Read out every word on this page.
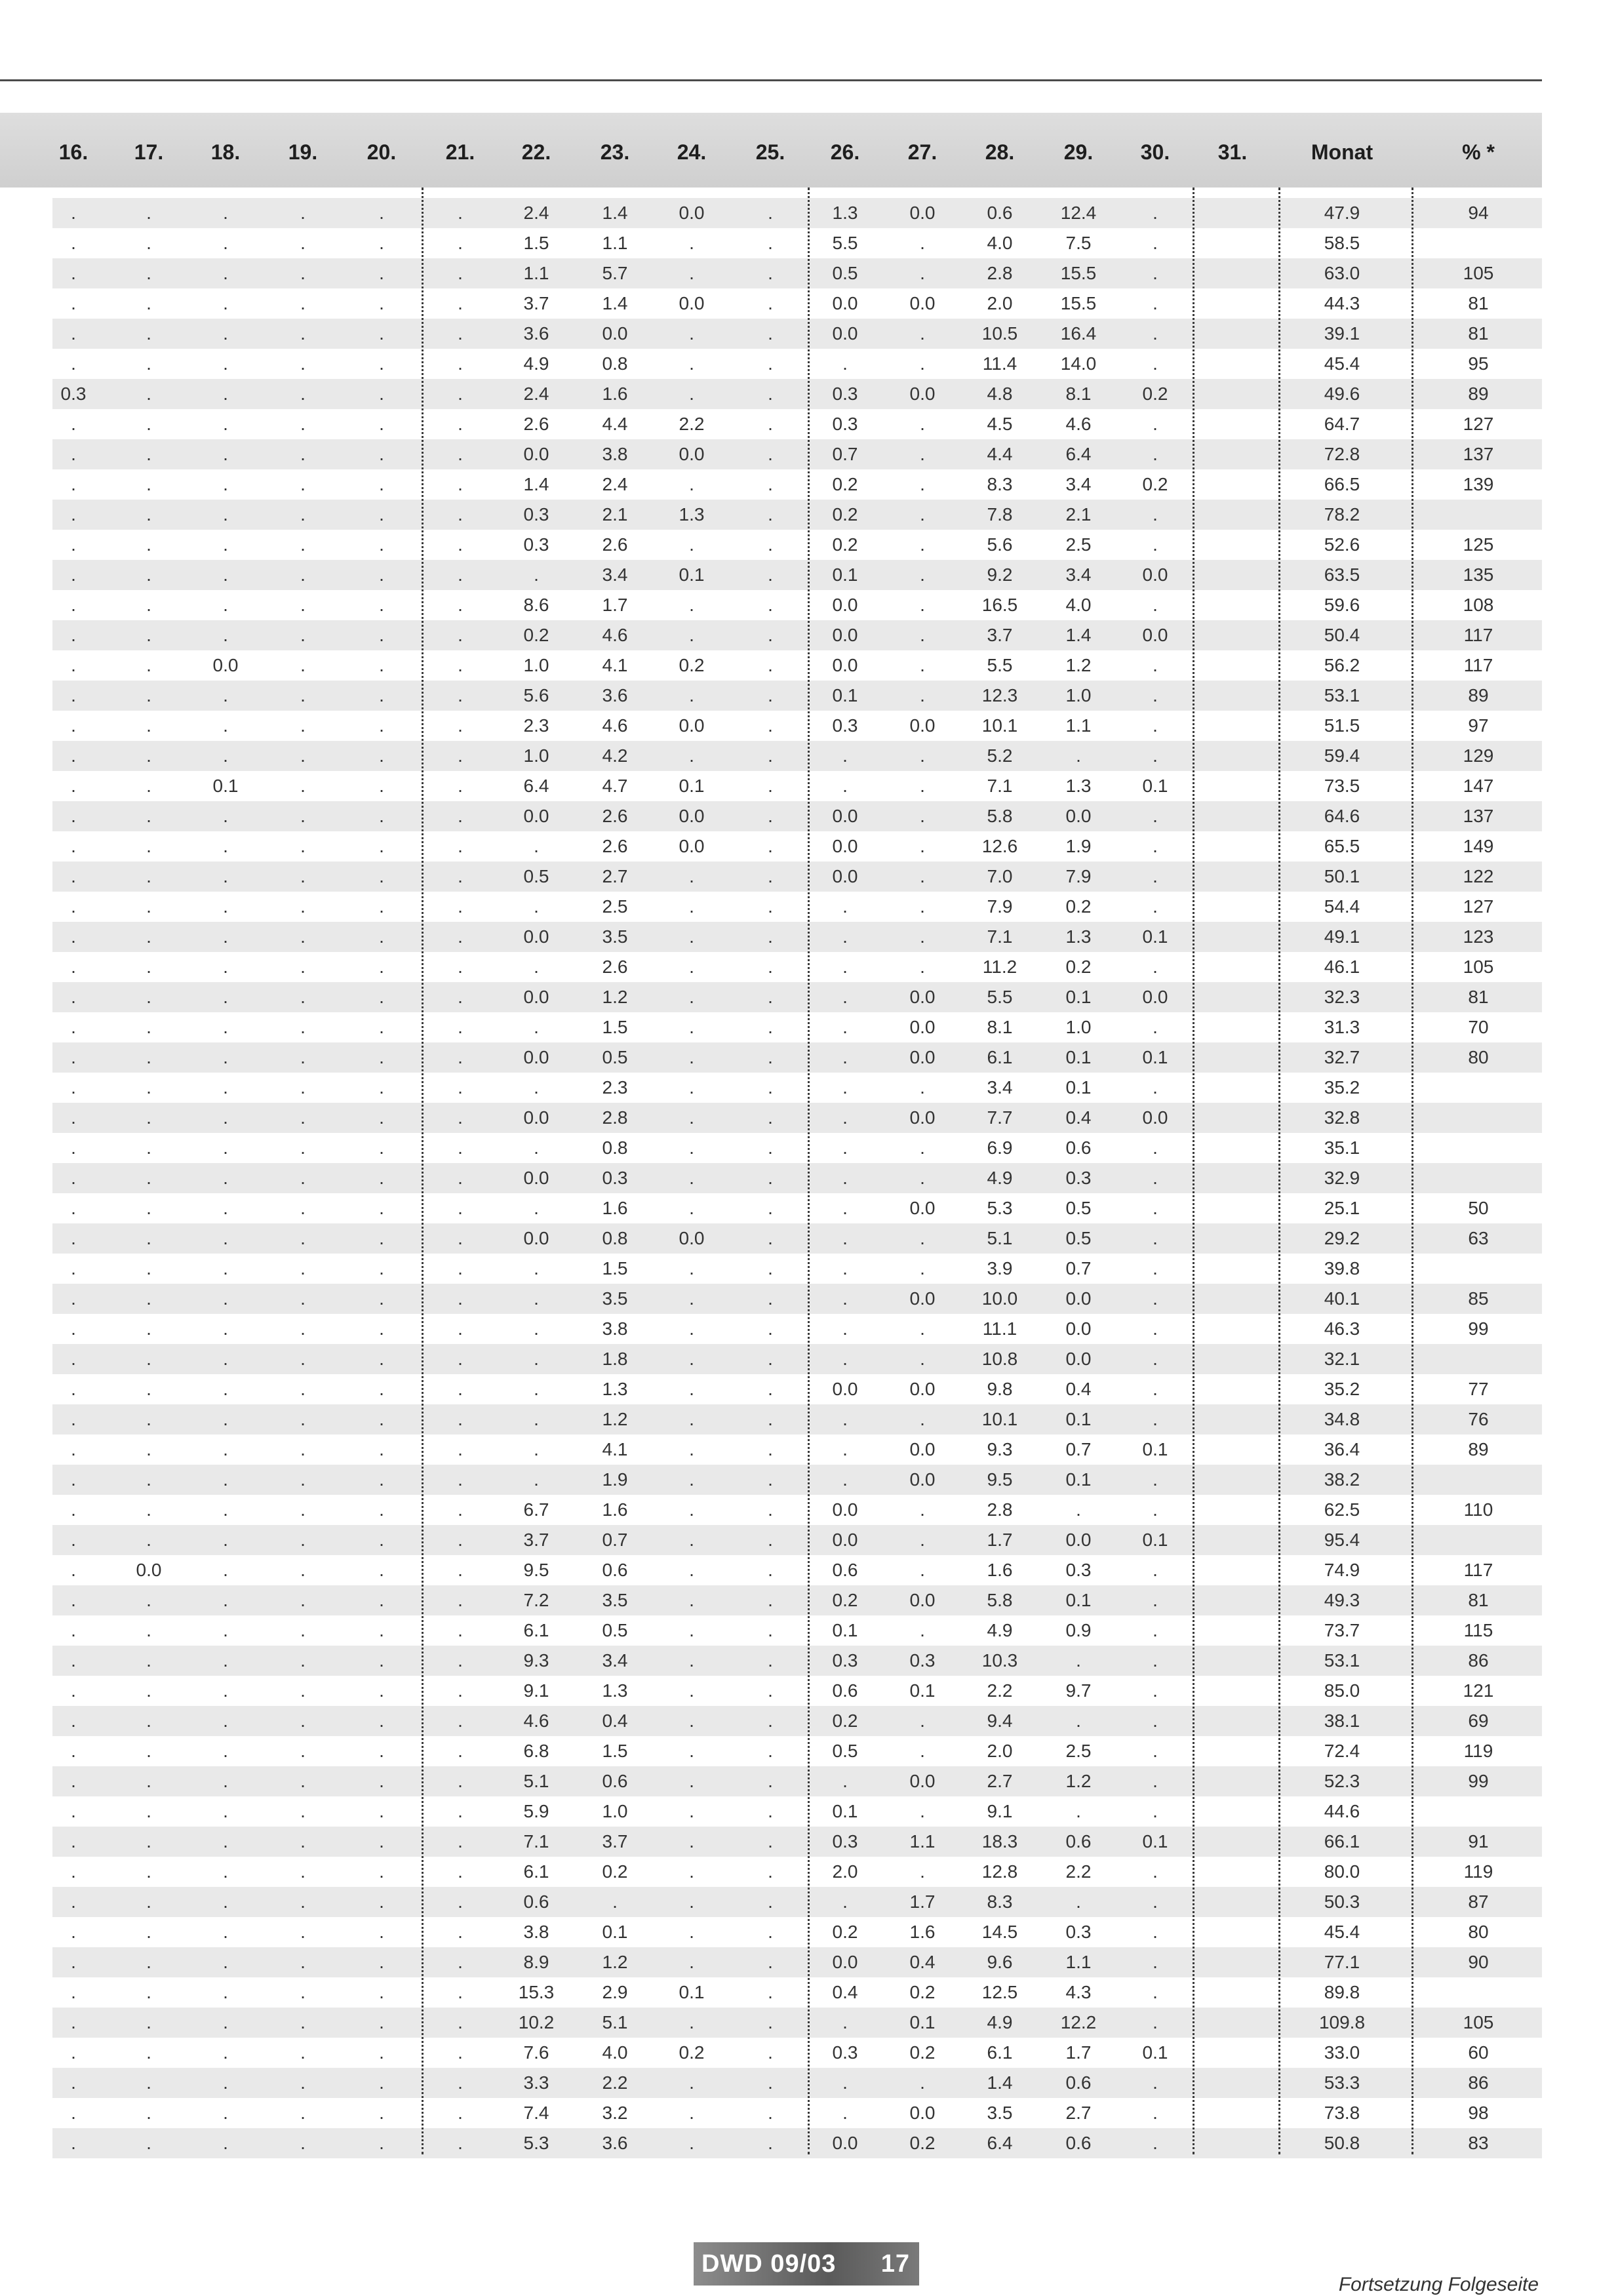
16. 17. 18. 19. 20. 21. 22. 23. 24. 25. 26. 27. 28. 29. 30. 31.	Monat	% *
.	.	.	.	.	.	2.4	1.4	0.0	.	1.3	0.0	0.6	12.4	.	47.9	94
.	.	.	.	.	.	1.5	1.1	.	.	5.5	.	4.0	7.5	.	58.5
.	.	.	.	.	.	1.1	5.7	.	.	0.5	.	2.8	15.5	.	63.0	105
.	.	.	.	.	.	3.7	1.4	0.0	.	0.0	0.0	2.0	15.5	.	44.3	81
.	.	.	.	.	.	3.6	0.0	.	.	0.0	.	10.5 16.4	.	39.1	81
.	.	.	.	.	.	4.9	0.8	.	.	.	.	11.4 14.0	.	45.4	95
0.3	.	.	.	.	.	2.4	1.6	.	.	0.3	0.0	4.8	8.1	0.2	49.6	89
.	.	.	.	.	.	2.6	4.4	2.2	.	0.3	.	4.5	4.6	.	64.7	127
.	.	.	.	.	.	0.0	3.8	0.0	.	0.7	.	4.4	6.4	.	72.8	137
.	.	.	.	.	.	1.4	2.4	.	.	0.2	.	8.3	3.4	0.2	66.5	139
.	.	.	.	.	.	0.3	2.1	1.3	.	0.2	.	7.8	2.1	.	78.2
.	.	.	.	.	.	0.3	2.6	.	.	0.2	.	5.6	2.5	.	52.6	125
.	.	.	.	.	.	.	3.4	0.1	.	0.1	.	9.2	3.4	0.0	63.5	135
.	.	.	.	.	.	8.6	1.7	.	.	0.0	.	16.5	4.0	.	59.6	108
.	.	.	.	.	.	0.2	4.6	.	.	0.0	.	3.7	1.4	0.0	50.4	117
.	.	0.0	.	.	.	1.0	4.1	0.2	.	0.0	.	5.5	1.2	.	56.2	117
.	.	.	.	.	.	5.6	3.6	.	.	0.1	.	12.3	1.0	.	53.1	89
.	.	.	.	.	.	2.3	4.6	0.0	.	0.3	0.0	10.1	1.1	.	51.5	97
.	.	.	.	.	.	1.0	4.2	.	.	.	.	5.2	.	.	59.4	129
.	.	0.1	.	.	.	6.4	4.7	0.1	.	.	.	7.1	1.3	0.1	73.5	147
.	.	.	.	.	.	0.0	2.6	0.0	.	0.0	.	5.8	0.0	.	64.6	137
.	.	.	.	.	.	.	2.6	0.0	.	0.0	.	12.6	1.9	.	65.5	149
.	.	.	.	.	.	0.5	2.7	.	.	0.0	.	7.0	7.9	.	50.1	122
.	.	.	.	.	.	.	2.5	.	.	.	.	7.9	0.2	.	54.4	127
.	.	.	.	.	.	0.0	3.5	.	.	.	.	7.1	1.3	0.1	49.1	123
.	.	.	.	.	.	.	2.6	.	.	.	.	11.2	0.2	.	46.1	105
.	.	.	.	.	.	0.0	1.2	.	.	.	0.0	5.5	0.1	0.0	32.3	81
.	.	.	.	.	.	.	1.5	.	.	.	0.0	8.1	1.0	.	31.3	70
.	.	.	.	.	.	0.0	0.5	.	.	.	0.0	6.1	0.1	0.1	32.7	80
.	.	.	.	.	.	.	2.3	.	.	.	.	3.4	0.1	.	35.2
.	.	.	.	.	.	0.0	2.8	.	.	.	0.0	7.7	0.4	0.0	32.8
.	.	.	.	.	.	.	0.8	.	.	.	.	6.9	0.6	.	35.1
.	.	.	.	.	.	0.0	0.3	.	.	.	.	4.9	0.3	.	32.9
.	.	.	.	.	.	.	1.6	.	.	.	0.0	5.3	0.5	.	25.1	50
.	.	.	.	.	.	0.0	0.8	0.0	.	.	.	5.1	0.5	.	29.2	63
.	.	.	.	.	.	.	1.5	.	.	.	.	3.9	0.7	.	39.8
.	.	.	.	.	.	.	3.5	.	.	.	0.0	10.0	0.0	.	40.1	85
.	.	.	.	.	.	.	3.8	.	.	.	.	11.1	0.0	.	46.3	99
.	.	.	.	.	.	.	1.8	.	.	.	.	10.8	0.0	.	32.1
.	.	.	.	.	.	.	1.3	.	.	0.0	0.0	9.8	0.4	.	35.2	77
.	.	.	.	.	.	.	1.2	.	.	.	.	10.1	0.1	.	34.8	76
.	.	.	.	.	.	.	4.1	.	.	.	0.0	9.3	0.7	0.1	36.4	89
.	.	.	.	.	.	.	1.9	.	.	.	0.0	9.5	0.1	.	38.2
.	.	.	.	.	.	6.7	1.6	.	.	0.0	.	2.8	.	.	62.5	110
.	.	.	.	.	.	3.7	0.7	.	.	0.0	.	1.7	0.0	0.1	95.4
.	0.0	.	.	.	.	9.5	0.6	.	.	0.6	.	1.6	0.3	.	74.9	117
.	.	.	.	.	.	7.2	3.5	.	.	0.2	0.0	5.8	0.1	.	49.3	81
.	.	.	.	.	.	6.1	0.5	.	.	0.1	.	4.9	0.9	.	73.7	115
.	.	.	.	.	.	9.3	3.4	.	.	0.3	0.3	10.3	.	.	53.1	86
.	.	.	.	.	.	9.1	1.3	.	.	0.6	0.1	2.2	9.7	.	85.0	121
.	.	.	.	.	.	4.6	0.4	.	.	0.2	.	9.4	.	.	38.1	69
.	.	.	.	.	.	6.8	1.5	.	.	0.5	.	2.0	2.5	.	72.4	119
.	.	.	.	.	.	5.1	0.6	.	.	.	0.0	2.7	1.2	.	52.3	99
.	.	.	.	.	.	5.9	1.0	.	.	0.1	.	9.1	.	.	44.6
.	.	.	.	.	.	7.1	3.7	.	.	0.3	1.1	18.3	0.6	0.1	66.1	91
.	.	.	.	.	.	6.1	0.2	.	.	2.0	.	12.8	2.2	.	80.0	119
.	.	.	.	.	.	0.6	.	.	.	.	1.7	8.3	.	.	50.3	87
.	.	.	.	.	.	3.8	0.1	.	.	0.2	1.6	14.5	0.3	.	45.4	80
.	.	.	.	.	.	8.9	1.2	.	.	0.0	0.4	9.6	1.1	.	77.1	90
.	.	.	.	.	.	15.3	2.9	0.1	.	0.4	0.2	12.5	4.3	.	89.8
.	.	.	.	.	.	10.2	5.1	.	.	.	0.1	4.9	12.2	.	109.8	105
.	.	.	.	.	.	7.6	4.0	0.2	.	0.3	0.2	6.1	1.7	0.1	33.0	60
.	.	.	.	.	.	3.3	2.2	.	.	.	.	1.4	0.6	.	53.3	86
.	.	.	.	.	.	7.4	3.2	.	.	.	0.0	3.5	2.7	.	73.8	98
.	.	.	.	.	.	5.3	3.6	.	.	0.0	0.2	6.4	0.6	.	50.8	83
DWD 09/03 17
Fortsetzung Folgeseite
